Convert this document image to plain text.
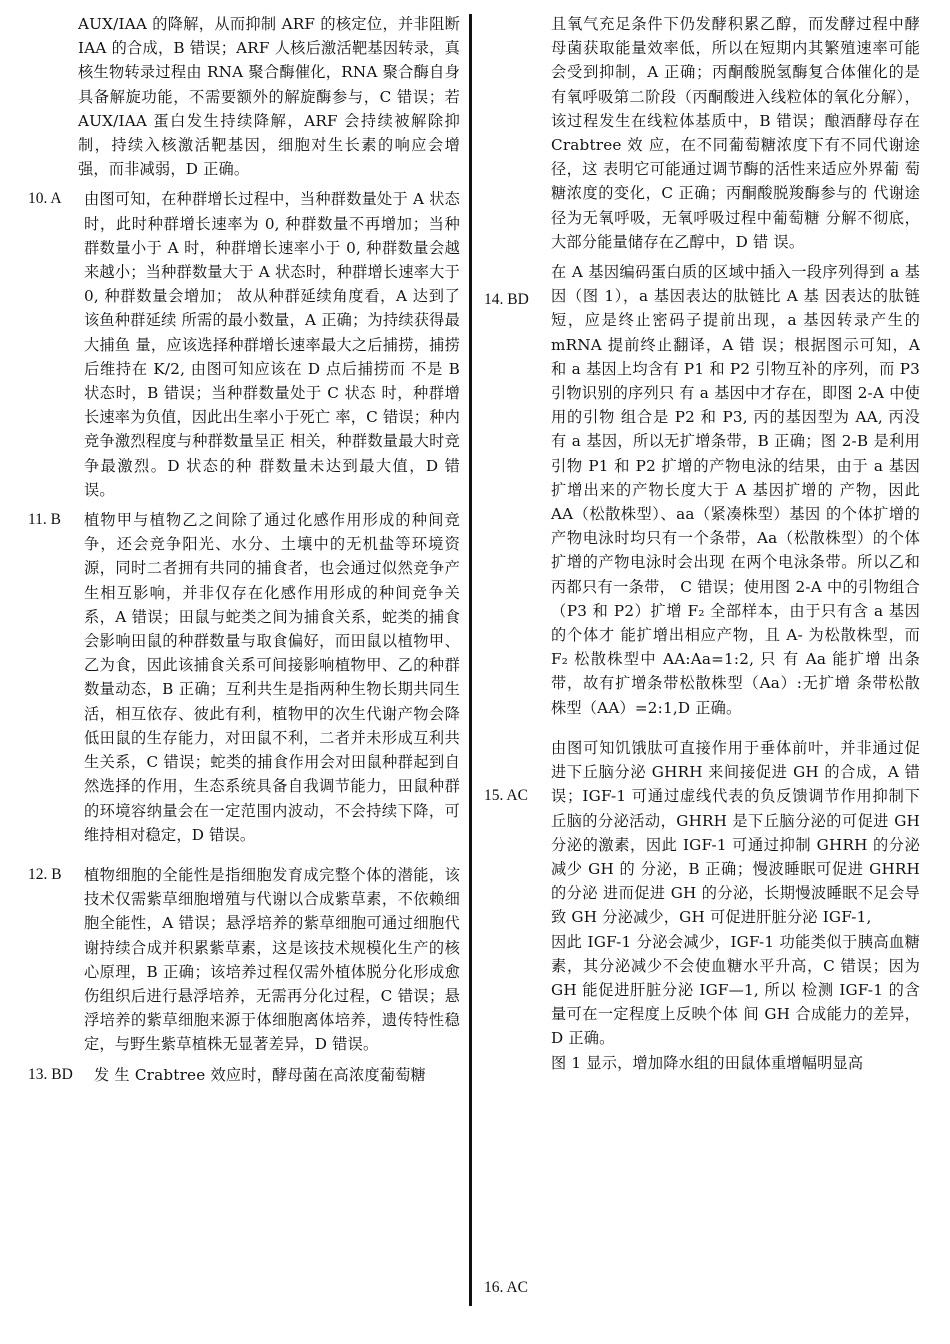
AUX/IAA 的降解，从而抑制 ARF 的核定位，并非阻断 IAA 的合成，B 错误；ARF 人核后激活靶基因转录，真核生物转录过程由 RNA 聚合酶催化，RNA 聚合酶自身具备解旋功能，不需要额外的解旋酶参与，C 错误；若 AUX/IAA 蛋白发生持续降解，ARF 会持续被解除抑制，持续入核激活靶基因，细胞对生长素的响应会增强，而非减弱，D 正确。

10. A 由图可知，在种群增长过程中，当种群数量处于 A 状态时，此时种群增长速率为 0, 种群数量不再增加；当种群数量小于 A 时，种群增长速率小于 0, 种群数量会越来越小；当种群数量大于 A 状态时，种群增长速率大于 0, 种群数量会增加； 故从种群延续角度看，A 达到了该鱼种群延续 所需的最小数量，A 正确；为持续获得最大捕鱼 量，应该选择种群增长速率最大之后捕捞，捕捞 后维持在 K/2, 由图可知应该在 D 点后捕捞而 不是 B 状态时，B 错误；当种群数量处于 C 状态 时，种群增长速率为负值，因此出生率小于死亡 率，C 错误；种内竞争激烈程度与种群数量呈正 相关，种群数量最大时竞争最激烈。D 状态的种 群数量未达到最大值，D 错误。

11. B 植物甲与植物乙之间除了通过化感作用形成的种间竞争，还会竞争阳光、水分、土壤中的无机盐等环境资源，同时二者拥有共同的捕食者，也会通过似然竞争产生相互影响，并非仅存在化感作用形成的种间竞争关系，A 错误；田鼠与蛇类之间为捕食关系，蛇类的捕食会影响田鼠的种群数量与取食偏好，而田鼠以植物甲、乙为食，因此该捕食关系可间接影响植物甲、乙的种群数量动态，B 正确；互利共生是指两种生物长期共同生活，相互依存、彼此有利，植物甲的次生代谢产物会降低田鼠的生存能力，对田鼠不利，二者并未形成互利共生关系，C 错误；蛇类的捕食作用会对田鼠种群起到自然选择的作用，生态系统具备自我调节能力，田鼠种群的环境容纳量会在一定范围内波动，不会持续下降，可维持相对稳定，D 错误。

12. B 植物细胞的全能性是指细胞发育成完整个体的潜能，该技术仅需紫草细胞增殖与代谢以合成紫草素，不依赖细胞全能性，A 错误；悬浮培养的紫草细胞可通过细胞代谢持续合成并积累紫草素，这是该技术规模化生产的核心原理，B 正确；该培养过程仅需外植体脱分化形成愈伤组织后进行悬浮培养，无需再分化过程，C 错误；悬浮培养的紫草细胞来源于体细胞离体培养，遗传特性稳定，与野生紫草植株无显著差异，D 错误。

13. BD 发 生 Crabtree 效应时，酵母菌在高浓度葡萄糖

且氧气充足条件下仍发酵积累乙醇，而发酵过程中酵母菌获取能量效率低，所以在短期内其繁殖速率可能会受到抑制，A 正确；丙酮酸脱氢酶复合体催化的是有氧呼吸第二阶段（丙酮酸进入线粒体的氧化分解），该过程发生在线粒体基质中，B 错误；酿酒酵母存在 Crabtree 效 应，在不同葡萄糖浓度下有不同代谢途径，这 表明它可能通过调节酶的活性来适应外界葡 萄糖浓度的变化，C 正确；丙酮酸脱羧酶参与的 代谢途径为无氧呼吸，无氧呼吸过程中葡萄糖 分解不彻底，大部分能量储存在乙醇中，D 错 误。

14. BD

在 A 基因编码蛋白质的区域中插入一段序列得到 a 基因（图 1），a 基因表达的肽链比 A 基 因表达的肽链短，应是终止密码子提前出现，a 基因转录产生的 mRNA 提前终止翻译，A 错 误；根据图示可知，A 和 a 基因上均含有 P1 和 P2 引物互补的序列，而 P3 引物识别的序列只 有 a 基因中才存在，即图 2-A 中使用的引物 组合是 P2 和 P3, 丙的基因型为 AA, 丙没有 a 基因，所以无扩增条带，B 正确；图 2-B 是利用 引物 P1 和 P2 扩增的产物电泳的结果，由于 a 基因扩增出来的产物长度大于 A 基因扩增的 产物，因此 AA（松散株型）、aa（紧凑株型）基因 的个体扩增的产物电泳时均只有一个条带，Aa（松散株型）的个体扩增的产物电泳时会出现 在两个电泳条带。所以乙和丙都只有一条带， C 错误；使用图 2-A 中的引物组合（P3 和 P2）扩增 F₂ 全部样本，由于只有含 a 基因的个体才 能扩增出相应产物，且 A- 为松散株型，而 F₂ 松散株型中 AA:Aa=1:2, 只 有 Aa 能扩增 出条带，故有扩增条带松散株型（Aa）:无扩增 条带松散株型（AA）=2:1,D 正确。

15. AC

由图可知饥饿肽可直接作用于垂体前叶，并非通过促进下丘脑分泌 GHRH 来间接促进 GH 的合成，A 错误；IGF-1 可通过虚线代表的负反馈调节作用抑制下丘脑的分泌活动，GHRH 是下丘脑分泌的可促进 GH 分泌的激素，因此 IGF-1 可通过抑制 GHRH 的分泌减少 GH 的 分泌，B 正确；慢波睡眠可促进 GHRH 的分泌 进而促进 GH 的分泌，长期慢波睡眠不足会导 致 GH 分泌减少，GH 可促进肝脏分泌 IGF-1,

因此 IGF-1 分泌会减少，IGF-1 功能类似于胰高血糖素，其分泌减少不会使血糖水平升高，C 错误；因为 GH 能促进肝脏分泌 IGF—1, 所以 检测 IGF-1 的含量可在一定程度上反映个体 间 GH 合成能力的差异，D 正确。

图 1 显示，增加降水组的田鼠体重增幅明显高

16. AC
